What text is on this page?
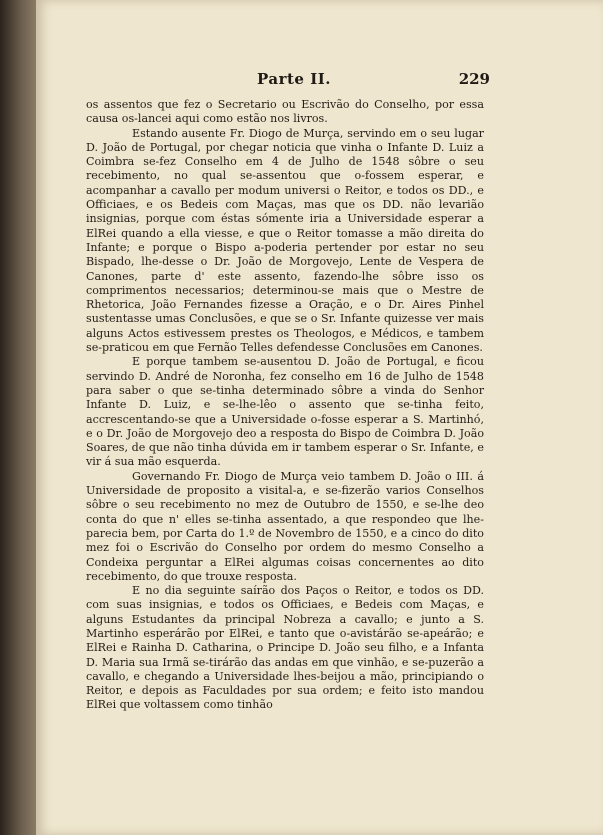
Parte II.	229

os assentos que fez o Secretario ou Escrivão do Conselho, por essa causa os-lancei aqui como estão nos livros.

Estando ausente Fr. Diogo de Murça, servindo em o seu lugar D. João de Portugal, por chegar noticia que vinha o Infante D. Luiz a Coimbra se-fez Conselho em 4 de Julho de 1548 sôbre o seu recebimento, no qual se-assentou que o-fossem esperar, e acompanhar a cavallo per modum universi o Reitor, e todos os DD., e Officiaes, e os Bedeis com Maças, mas que os DD. não levarião insignias, porque com éstas sómente iria a Universidade esperar a ElRei quando a ella viesse, e que o Reitor tomasse a mão direita do Infante; e porque o Bispo a-poderia pertender por estar no seu Bispado, lhe-desse o Dr. João de Morgovejo, Lente de Vespera de Canones, parte d' este assento, fazendo-lhe sôbre isso os comprimentos necessarios; determinou-se mais que o Mestre de Rhetorica, João Fernandes fizesse a Oração, e o Dr. Aires Pinhel sustentasse umas Conclusões, e que se o Sr. Infante quizesse ver mais alguns Actos estivessem prestes os Theologos, e Médicos, e tambem se-praticou em que Fernão Telles defendesse Conclusões em Canones.

E porque tambem se-ausentou D. João de Portugal, e ficou servindo D. André de Noronha, fez conselho em 16 de Julho de 1548 para saber o que se-tinha determinado sôbre a vinda do Senhor Infante D. Luiz, e se-lhe-lêo o assento que se-tinha feito, accrescentando-se que a Universidade o-fosse esperar a S. Martinhó, e o Dr. João de Morgovejo deo a resposta do Bispo de Coimbra D. João Soares, de que não tinha dúvida em ir tambem esperar o Sr. Infante, e vir á sua mão esquerda.

Governando Fr. Diogo de Murça veio tambem D. João o III. á Universidade de proposito a visital-a, e se-fizerão varios Conselhos sôbre o seu recebimento no mez de Outubro de 1550, e se-lhe deo conta do que n' elles se-tinha assentado, a que respondeo que lhe-parecia bem, por Carta do 1.º de Novembro de 1550, e a cinco do dito mez foi o Escrivão do Conselho por ordem do mesmo Conselho a Condeixa perguntar a ElRei algumas coisas concernentes ao dito recebimento, do que trouxe resposta.

E no dia seguinte saírão dos Paços o Reitor, e todos os DD. com suas insignias, e todos os Officiaes, e Bedeis com Maças, e alguns Estudantes da principal Nobreza a cavallo; e junto a S. Martinho esperárão por ElRei, e tanto que o-avistárão se-apeárão; e ElRei e Rainha D. Catharina, o Principe D. João seu filho, e a Infanta D. Maria sua Irmã se-tirárão das andas em que vinhão, e se-puzerão a cavallo, e chegando a Universidade lhes-beijou a mão, principiando o Reitor, e depois as Faculdades por sua ordem; e feito isto mandou ElRei que voltassem como tinhão
